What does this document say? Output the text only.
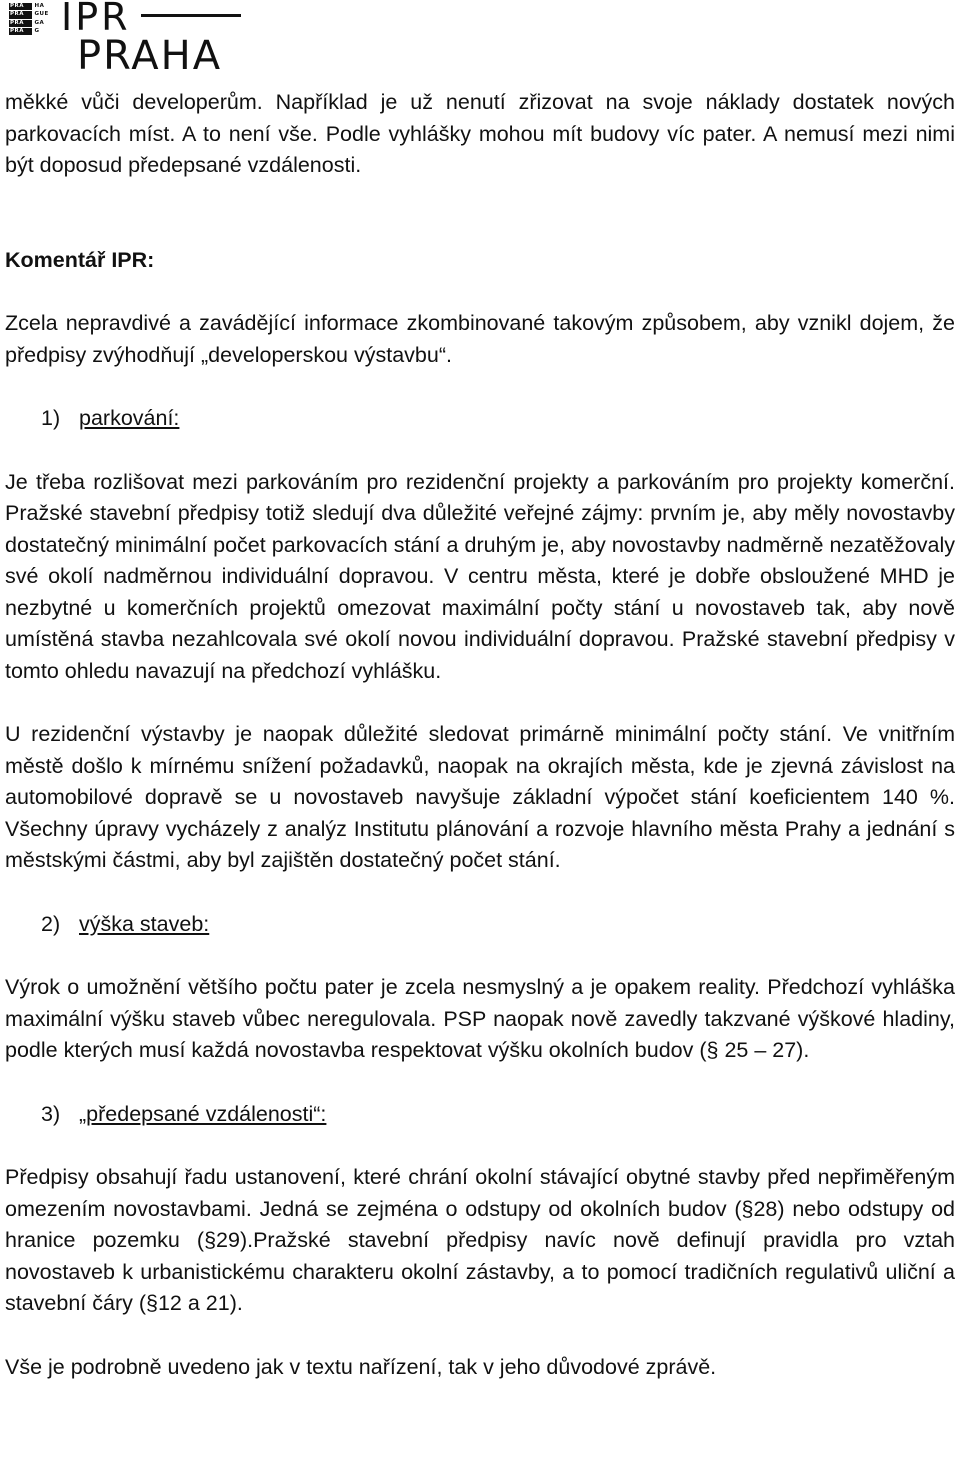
PRA	HA
PRA	GUE
PRA	GA
PRA	G IPR
PRAHA

měkké vůči developerům. Například je už nenutí zřizovat na svoje náklady dostatek nových parkovacích míst. A to není vše. Podle vyhlášky mohou mít budovy víc pater. A nemusí mezi nimi být doposud předepsané vzdálenosti.

Komentář IPR:

Zcela nepravdivé a zavádějící informace zkombinované takovým způsobem, aby vznikl dojem, že předpisy zvýhodňují „developerskou výstavbu“.

1) parkování:

Je třeba rozlišovat mezi parkováním pro rezidenční projekty a parkováním pro projekty komerční. Pražské stavební předpisy totiž sledují dva důležité veřejné zájmy: prvním je, aby měly novostavby dostatečný minimální počet parkovacích stání a druhým je, aby novostavby nadměrně nezatěžovaly své okolí nadměrnou individuální dopravou. V centru města, které je dobře obsloužené MHD je nezbytné u komerčních projektů omezovat maximální počty stání u novostaveb tak, aby nově umístěná stavba nezahlcovala své okolí novou individuální dopravou. Pražské stavební předpisy v tomto ohledu navazují na předchozí vyhlášku.

U rezidenční výstavby je naopak důležité sledovat primárně minimální počty stání. Ve vnitřním městě došlo k mírnému snížení požadavků, naopak na okrajích města, kde je zjevná závislost na automobilové dopravě se u novostaveb navyšuje základní výpočet stání koeficientem 140 %. Všechny úpravy vycházely z analýz Institutu plánování a rozvoje hlavního města Prahy a jednání s městskými částmi, aby byl zajištěn dostatečný počet stání.

2) výška staveb:

Výrok o umožnění většího počtu pater je zcela nesmyslný a je opakem reality. Předchozí vyhláška maximální výšku staveb vůbec neregulovala. PSP naopak nově zavedly takzvané výškové hladiny, podle kterých musí každá novostavba respektovat výšku okolních budov (§ 25 – 27).

3) „předepsané vzdálenosti“:

Předpisy obsahují řadu ustanovení, které chrání okolní stávající obytné stavby před nepřiměřeným omezením novostavbami. Jedná se zejména o odstupy od okolních budov (§28) nebo odstupy od hranice pozemku (§29).Pražské stavební předpisy navíc nově definují pravidla pro vztah novostaveb k urbanistickému charakteru okolní zástavby, a to pomocí tradičních regulativů uliční a stavební čáry (§12 a 21).

Vše je podrobně uvedeno jak v textu nařízení, tak v jeho důvodové zprávě.
